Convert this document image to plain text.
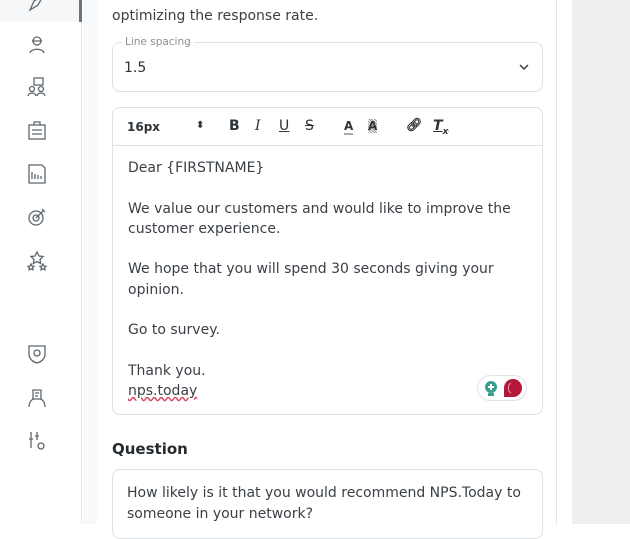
optimizing the response rate.
Line spacing
1.5
16px	⬍ B I U S	A A 🔗︎ $T_x$

Dear {FIRSTNAME}

We value our customers and would like to improve the customer experience.

We hope that you will spend 30 seconds giving your opinion.

Go to survey.

Thank you.

nps.today

Question
How likely is it that you would recommend NPS.Today to someone in your network?
